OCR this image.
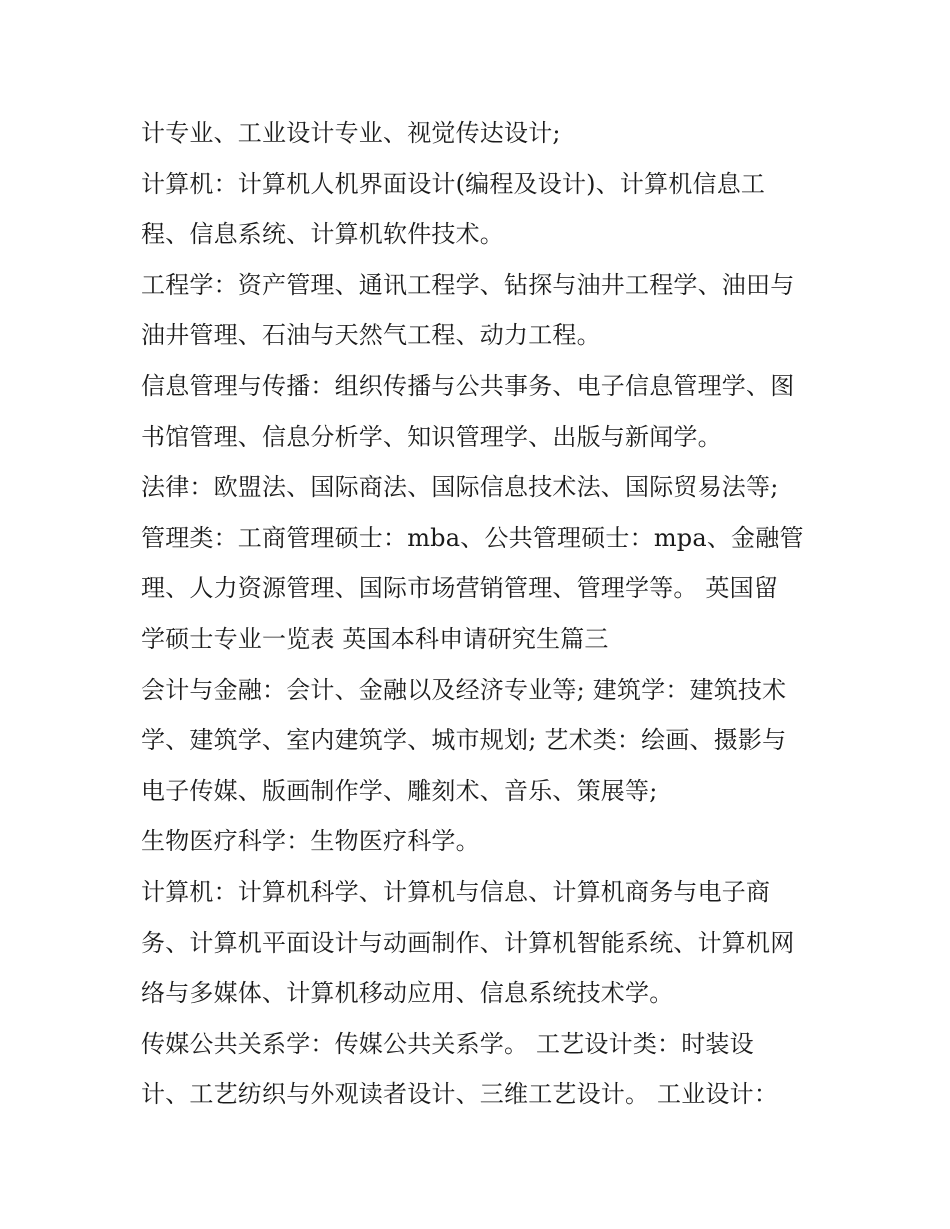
计专业、工业设计专业、视觉传达设计;
计算机：计算机人机界面设计(编程及设计)、计算机信息工
程、信息系统、计算机软件技术。
工程学：资产管理、通讯工程学、钻探与油井工程学、油田与
油井管理、石油与天然气工程、动力工程。
信息管理与传播：组织传播与公共事务、电子信息管理学、图
书馆管理、信息分析学、知识管理学、出版与新闻学。
法律：欧盟法、国际商法、国际信息技术法、国际贸易法等;
管理类：工商管理硕士：mba、公共管理硕士：mpa、金融管
理、人力资源管理、国际市场营销管理、管理学等。 英国留
学硕士专业一览表 英国本科申请研究生篇三
会计与金融：会计、金融以及经济专业等; 建筑学：建筑技术
学、建筑学、室内建筑学、城市规划; 艺术类：绘画、摄影与
电子传媒、版画制作学、雕刻术、音乐、策展等;
生物医疗科学：生物医疗科学。
计算机：计算机科学、计算机与信息、计算机商务与电子商
务、计算机平面设计与动画制作、计算机智能系统、计算机网
络与多媒体、计算机移动应用、信息系统技术学。
传媒公共关系学：传媒公共关系学。 工艺设计类：时装设
计、工艺纺织与外观读者设计、三维工艺设计。 工业设计：
